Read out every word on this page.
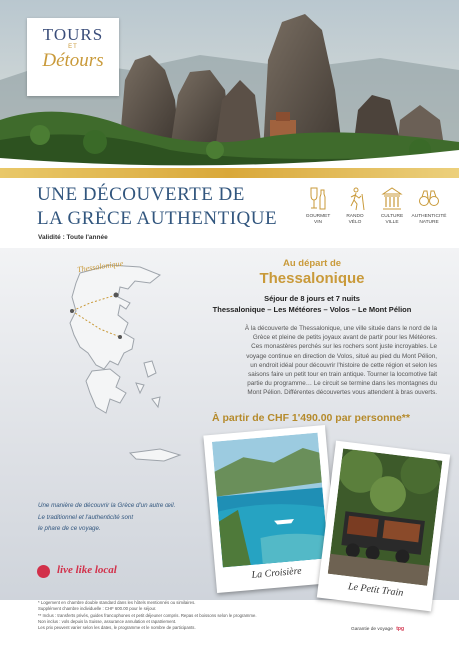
TOURS
ET
Détours
UNE DÉCOUVERTE DE
LA GRÈCE AUTHENTIQUE
Validité : Toute l'année
GOURMET
VIN
RANDO
VÉLO
CULTURE
VILLE
AUTHENTICITÉ
NATURE
Thessalonique	Au départ de
Thessalonique
Séjour de 8 jours et 7 nuits
Thessalonique – Les Météores – Volos – Le Mont Pélion
À la découverte de Thessalonique, une ville située dans le nord de la
Grèce et pleine de petits joyaux avant de partir pour les Météores.
Ces monastères perchés sur les rochers sont juste incroyables. Le
voyage continue en direction de Volos, situé au pied du Mont Pélion,
un endroit idéal pour découvrir l'histoire de cette région et selon les
saisons faire un petit tour en train antique. Tourner la locomotive fait
partie du programme… Le circuit se termine dans les montagnes du
Mont Pélion. Différentes découvertes vous attendent à bras ouverts.
À partir de CHF 1'490.00 par personne**
Une manière de découvrir la Grèce d'un autre œil.
Le traditionnel et l'authenticité sont
le phare de ce voyage.
live like local	La Croisière
Le Petit Train
* Logement en chambre double standard dans les hôtels mentionnés ou similaires.
Supplément chambre individuelle : CHF 600.00 pour le séjour.
** Inclus : transferts privés, guides francophones et petit déjeuner compris. Repas et boissons selon le programme.
Non inclus : vols depuis la Suisse, assurance annulation et rapatriement.
Les prix peuvent varier selon les dates, le programme et le nombre de participants.	Garantie de voyage tpg
